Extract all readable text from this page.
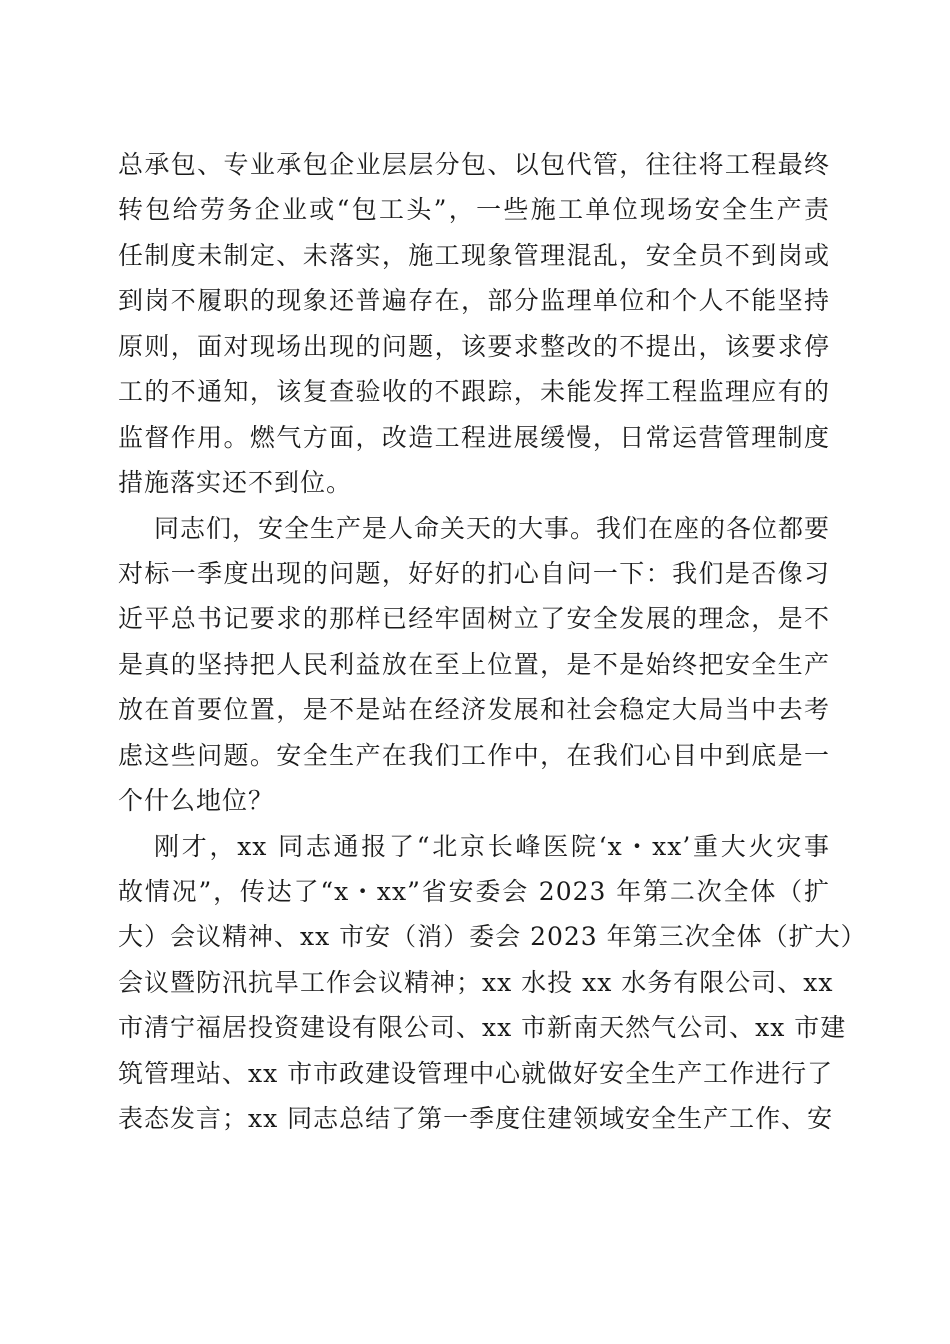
总承包、专业承包企业层层分包、以包代管，往往将工程最终
转包给劳务企业或“包工头”，一些施工单位现场安全生产责
任制度未制定、未落实，施工现象管理混乱，安全员不到岗或
到岗不履职的现象还普遍存在，部分监理单位和个人不能坚持
原则，面对现场出现的问题，该要求整改的不提出，该要求停
工的不通知，该复查验收的不跟踪，未能发挥工程监理应有的
监督作用。燃气方面，改造工程进展缓慢，日常运营管理制度
措施落实还不到位。
同志们，安全生产是人命关天的大事。我们在座的各位都要
对标一季度出现的问题，好好的扪心自问一下：我们是否像习
近平总书记要求的那样已经牢固树立了安全发展的理念，是不
是真的坚持把人民利益放在至上位置，是不是始终把安全生产
放在首要位置，是不是站在经济发展和社会稳定大局当中去考
虑这些问题。安全生产在我们工作中，在我们心目中到底是一
个什么地位？
刚才，xx 同志通报了“北京长峰医院‘x・xx’重大火灾事
故情况”，传达了“x・xx”省安委会 2023 年第二次全体（扩
大）会议精神、xx 市安（消）委会 2023 年第三次全体（扩大）
会议暨防汛抗旱工作会议精神；xx 水投 xx 水务有限公司、xx
市清宁福居投资建设有限公司、xx 市新南天然气公司、xx 市建
筑管理站、xx 市市政建设管理中心就做好安全生产工作进行了
表态发言；xx 同志总结了第一季度住建领域安全生产工作、安
